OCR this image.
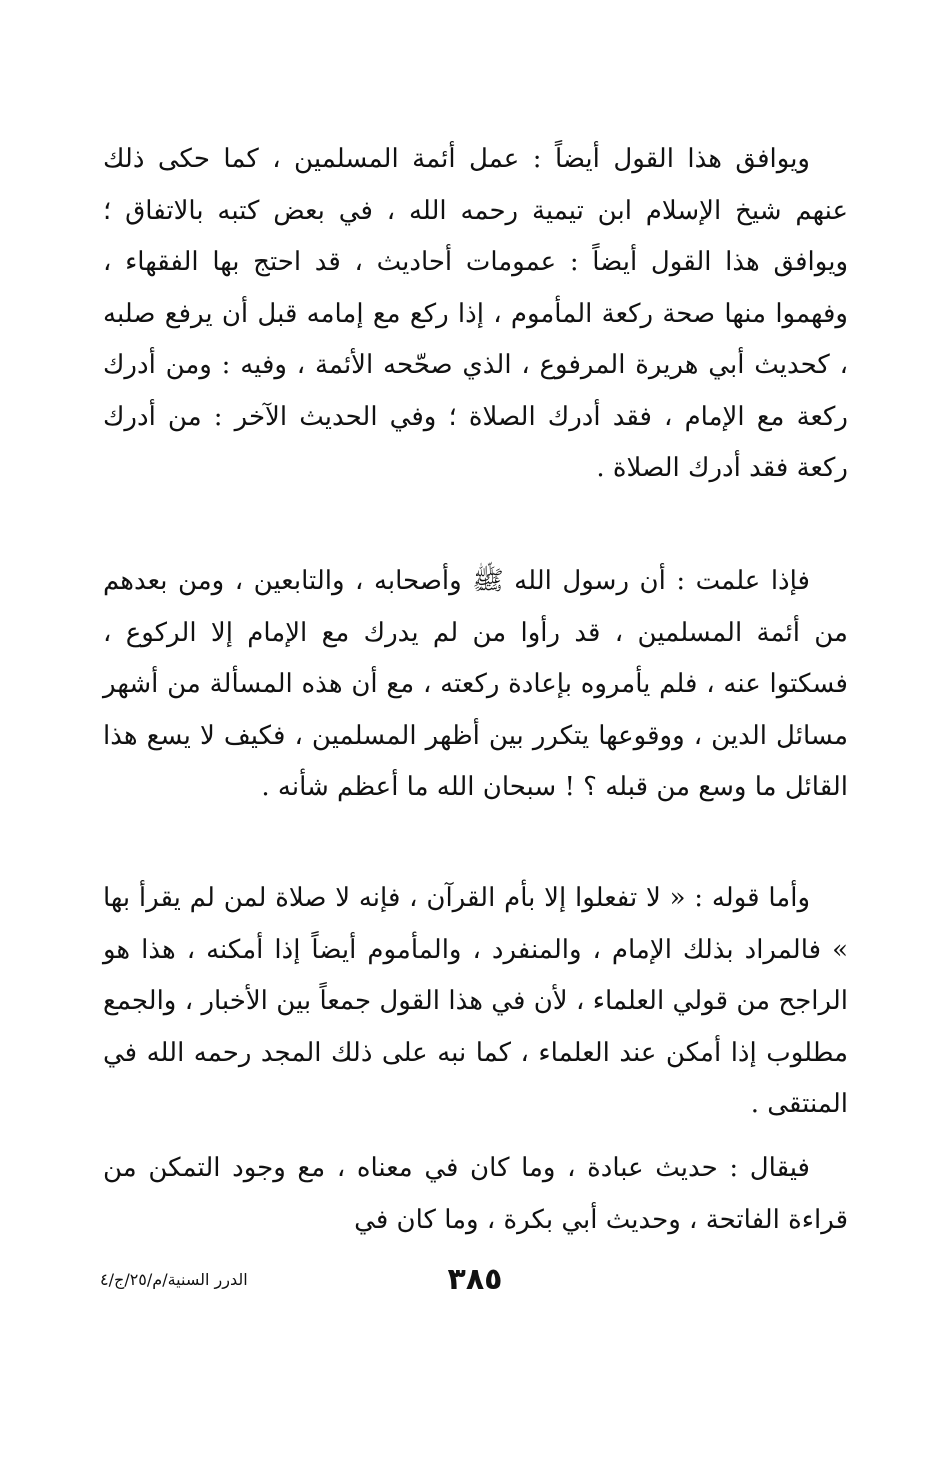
ويوافق هذا القول أيضاً : عمل أئمة المسلمين ، كما حكى ذلك عنهم شيخ الإسلام ابن تيمية رحمه الله ، في بعض كتبه بالاتفاق ؛ ويوافق هذا القول أيضاً : عمومات أحاديث ، قد احتج بها الفقهاء ، وفهموا منها صحة ركعة المأموم ، إذا ركع مع إمامه قبل أن يرفع صلبه ، كحديث أبي هريرة المرفوع ، الذي صحّحه الأئمة ، وفيه : ومن أدرك ركعة مع الإمام ، فقد أدرك الصلاة ؛ وفي الحديث الآخر : من أدرك ركعة فقد أدرك الصلاة .

فإذا علمت : أن رسول الله ﷺ وأصحابه ، والتابعين ، ومن بعدهم من أئمة المسلمين ، قد رأوا من لم يدرك مع الإمام إلا الركوع ، فسكتوا عنه ، فلم يأمروه بإعادة ركعته ، مع أن هذه المسألة من أشهر مسائل الدين ، ووقوعها يتكرر بين أظهر المسلمين ، فكيف لا يسع هذا القائل ما وسع من قبله ؟ ! سبحان الله ما أعظم شأنه .

وأما قوله : « لا تفعلوا إلا بأم القرآن ، فإنه لا صلاة لمن لم يقرأ بها » فالمراد بذلك الإمام ، والمنفرد ، والمأموم أيضاً إذا أمكنه ، هذا هو الراجح من قولي العلماء ، لأن في هذا القول جمعاً بين الأخبار ، والجمع مطلوب إذا أمكن عند العلماء ، كما نبه على ذلك المجد رحمه الله في المنتقى .

فيقال : حديث عبادة ، وما كان في معناه ، مع وجود التمكن من قراءة الفاتحة ، وحديث أبي بكرة ، وما كان في

٣٨٥
الدرر السنية/م/٢٥/ج/٤
